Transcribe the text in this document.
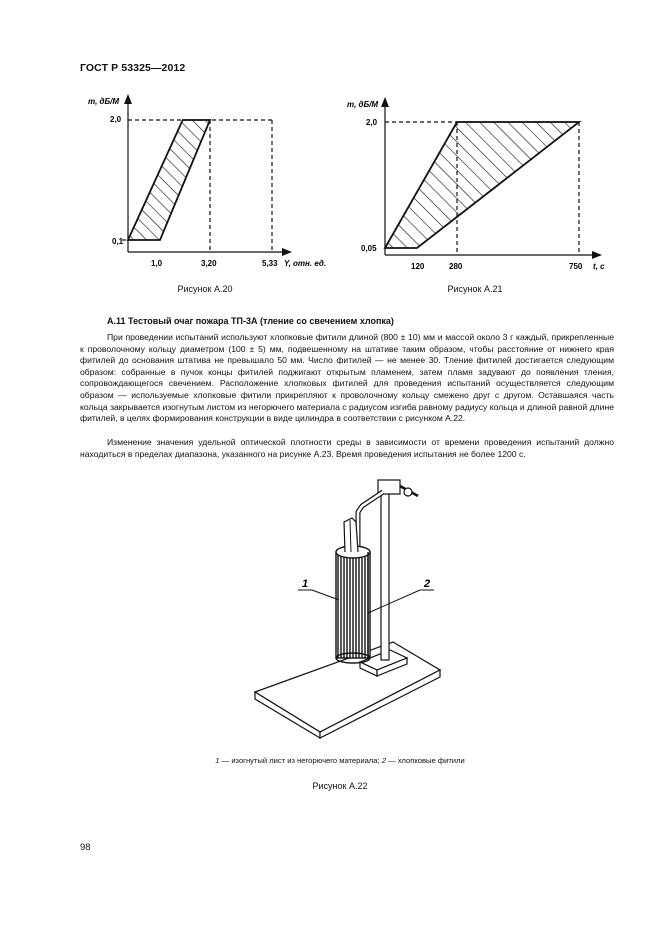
ГОСТ Р 53325—2012
m, дБ/М
2,0
0,1
1,0	3,20	5,33 Y, отн. ед.
Рисунок А.20
m, дБ/М
2,0
0,05
120	280	750 t, c
Рисунок А.21
А.11 Тестовый очаг пожара ТП-3А (тление со свечением хлопка)
При проведении испытаний используют хлопковые фитили длиной (800 ± 10) мм и массой около 3 г каждый, прикрепленные к проволочному кольцу диаметром (100 ± 5) мм, подвешенному на штативе таким образом, чтобы расстояние от нижнего края фитилей до основания штатива не превышало 50 мм. Число фитилей — не менее 30. Тление фитилей достигается следующим образом: собранные в пучок концы фитилей поджигают открытым пламенем, затем пламя задувают до появления тления, сопровождающегося свечением. Расположение хлопковых фитилей для проведения испытаний осуществляется следующим образом — используемые хлопковые фитили прикрепляют к проволочному кольцу смежено друг с другом. Оставшаяся часть кольца закрывается изогнутым листом из негорючего материала с радиусом изгиба равному радиусу кольца и длиной равной длине фитилей, в целях формирования конструкции в виде цилиндра в соответствии с рисунком А.22.
Изменение значения удельной оптической плотности среды в зависимости от времени проведения испытаний должно находиться в пределах диапазона, указанного на рисунке А.23. Время проведения испытания не более 1200 с.
1	2
1 — изогнутый лист из негорючего материала; 2 — хлопковые фитили
Рисунок А.22
98
